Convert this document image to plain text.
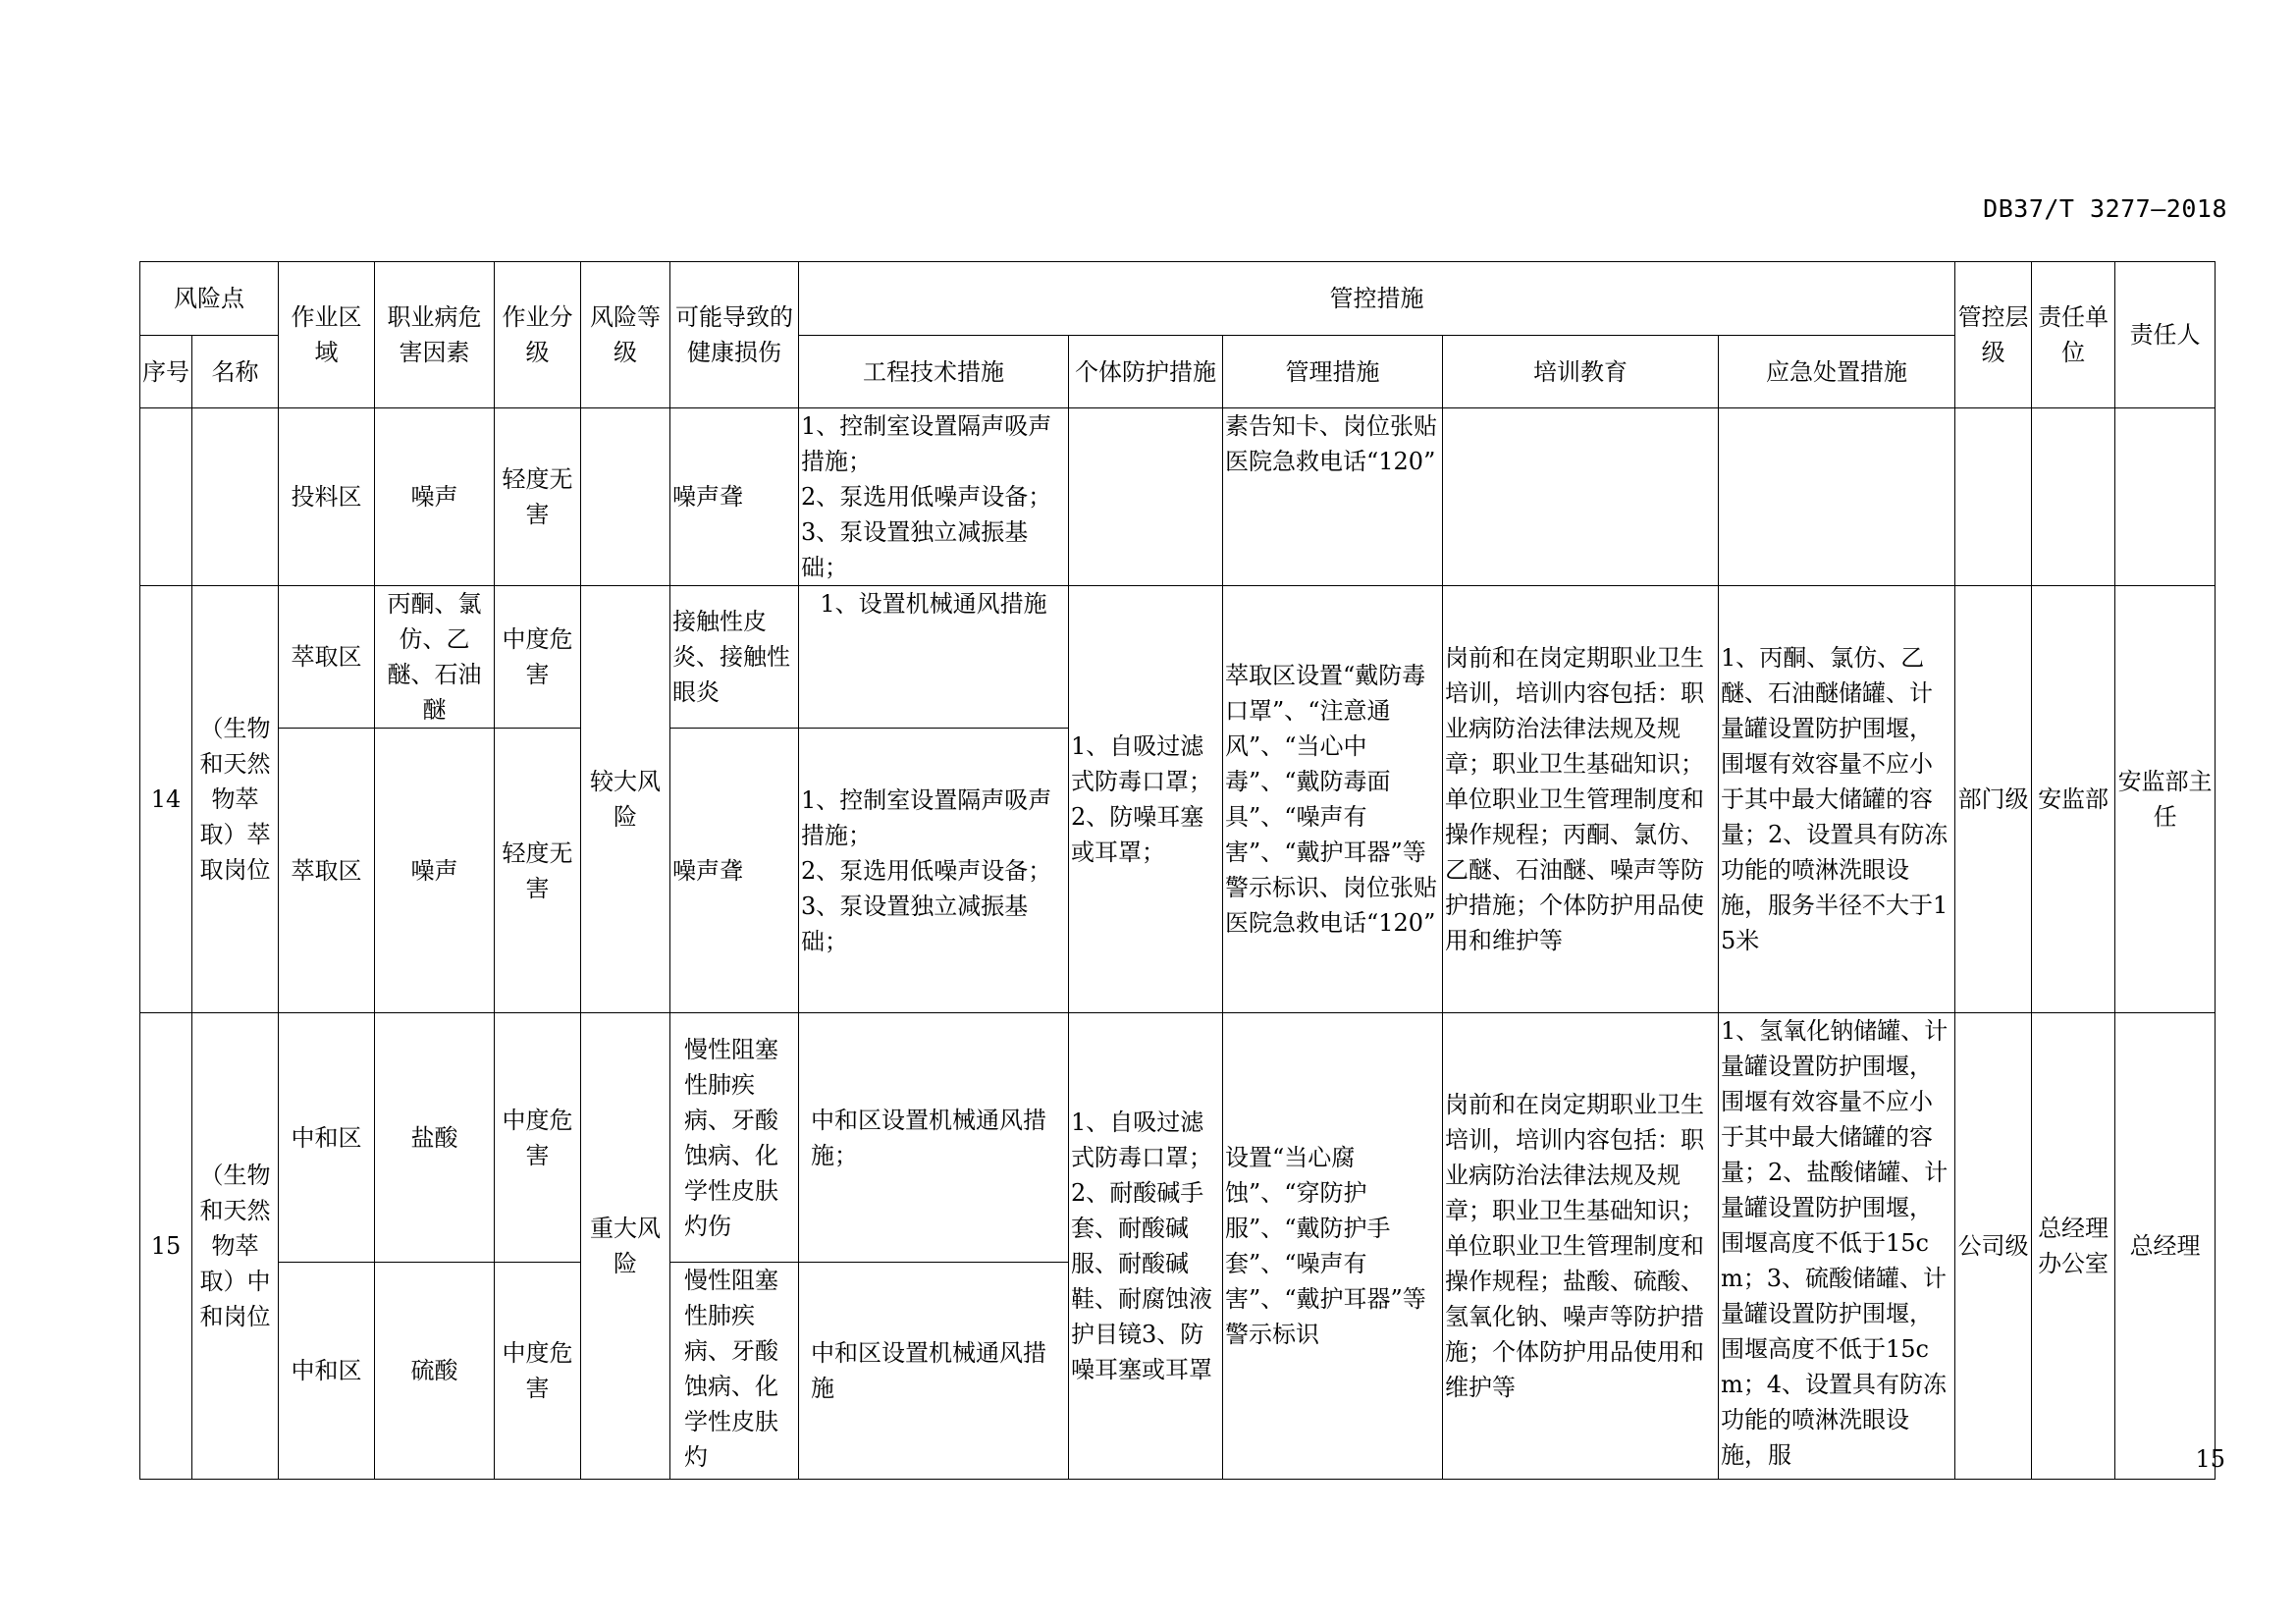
DB37/T 3277—2018
风险点		作业区域	职业病危害因素	作业分级	风险等级	可能导致的健康损伤	管控措施					管控层级	责任单位	责任人
序号	名称						工程技术措施	个体防护措施	管理措施	培训教育	应急处置措施			
		投料区	噪声	轻度无害		噪声聋	1、控制室设置隔声吸声措施；
2、泵选用低噪声设备；
3、泵设置独立减振基础；		素告知卡、岗位张贴医院急救电话“120”					
14	（生物和天然物萃取）萃取岗位	萃取区	丙酮、氯仿、乙醚、石油醚	中度危害	较大风险	接触性皮炎、接触性眼炎	1、设置机械通风措施	1、自吸过滤式防毒口罩；2、防噪耳塞或耳罩；	萃取区设置“戴防毒口罩”、“注意通风”、“当心中毒”、“戴防毒面具”、“噪声有害”、“戴护耳器”等警示标识、岗位张贴医院急救电话“120”	岗前和在岗定期职业卫生培训，培训内容包括：职业病防治法律法规及规章；职业卫生基础知识；单位职业卫生管理制度和操作规程；丙酮、氯仿、乙醚、石油醚、噪声等防护措施；个体防护用品使用和维护等	1、丙酮、氯仿、乙醚、石油醚储罐、计量罐设置防护围堰，围堰有效容量不应小于其中最大储罐的容量；2、设置具有防冻功能的喷淋洗眼设施，服务半径不大于15米	部门级	安监部	安监部主任
		萃取区	噪声	轻度无害		噪声聋	1、控制室设置隔声吸声措施；
2、泵选用低噪声设备；
3、泵设置独立减振基础；							

15	（生物和天然物萃取）中和岗位	中和区	盐酸	中度危害	重大风险	慢性阻塞性肺疾病、牙酸蚀病、化学性皮肤灼伤	中和区设置机械通风措施；	1、自吸过滤式防毒口罩；2、耐酸碱手套、耐酸碱服、耐酸碱鞋、耐腐蚀液护目镜3、防噪耳塞或耳罩	设置“当心腐蚀”、“穿防护服”、“戴防护手套”、“噪声有害”、“戴护耳器”等警示标识	岗前和在岗定期职业卫生培训，培训内容包括：职业病防治法律法规及规章；职业卫生基础知识；单位职业卫生管理制度和操作规程；盐酸、硫酸、氢氧化钠、噪声等防护措施；个体防护用品使用和维护等	1、氢氧化钠储罐、计量罐设置防护围堰，围堰有效容量不应小于其中最大储罐的容量；2、盐酸储罐、计量罐设置防护围堰，围堰高度不低于15cm；3、硫酸储罐、计量罐设置防护围堰，围堰高度不低于15cm；4、设置具有防冻功能的喷淋洗眼设施，服	公司级	总经理办公室	总经理
		中和区	硫酸	中度危害		慢性阻塞性肺疾病、牙酸蚀病、化学性皮肤灼	中和区设置机械通风措施							
15
